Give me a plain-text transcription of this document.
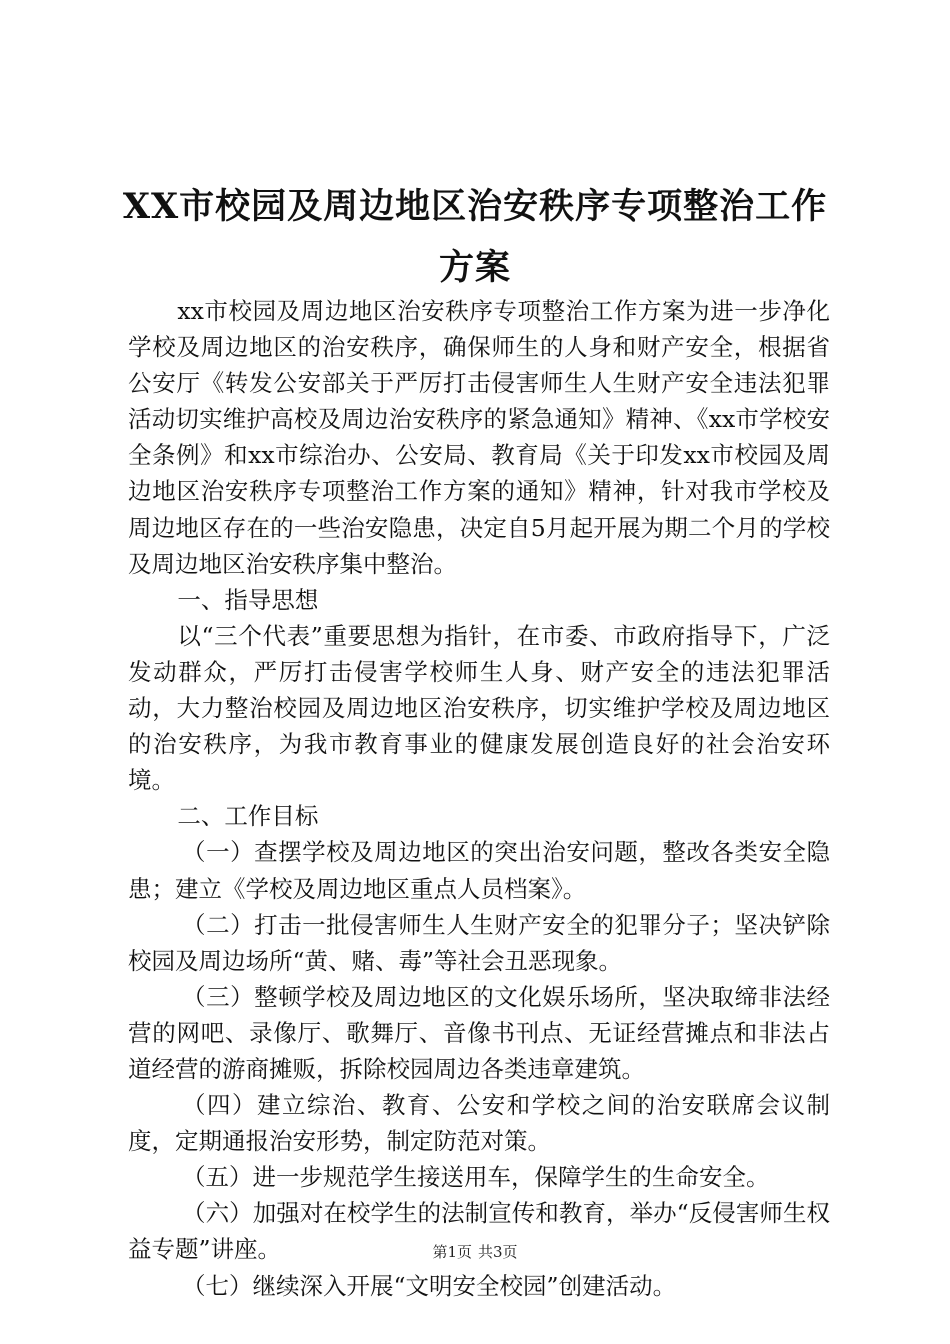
XX市校园及周边地区治安秩序专项整治工作
方案

xx市校园及周边地区治安秩序专项整治工作方案为进一步净化学校及周边地区的治安秩序，确保师生的人身和财产安全，根据省公安厅《转发公安部关于严厉打击侵害师生人生财产安全违法犯罪活动切实维护高校及周边治安秩序的紧急通知》精神、《xx市学校安全条例》和xx市综治办、公安局、教育局《关于印发xx市校园及周边地区治安秩序专项整治工作方案的通知》精神，针对我市学校及周边地区存在的一些治安隐患，决定自5月起开展为期二个月的学校及周边地区治安秩序集中整治。

一、指导思想

以“三个代表”重要思想为指针，在市委、市政府指导下，广泛发动群众，严厉打击侵害学校师生人身、财产安全的违法犯罪活动，大力整治校园及周边地区治安秩序，切实维护学校及周边地区的治安秩序，为我市教育事业的健康发展创造良好的社会治安环境。

二、工作目标

（一）查摆学校及周边地区的突出治安问题，整改各类安全隐患；建立《学校及周边地区重点人员档案》。

（二）打击一批侵害师生人生财产安全的犯罪分子；坚决铲除校园及周边场所“黄、赌、毒”等社会丑恶现象。

（三）整顿学校及周边地区的文化娱乐场所，坚决取缔非法经营的网吧、录像厅、歌舞厅、音像书刊点、无证经营摊点和非法占道经营的游商摊贩，拆除校园周边各类违章建筑。

（四）建立综治、教育、公安和学校之间的治安联席会议制度，定期通报治安形势，制定防范对策。

（五）进一步规范学生接送用车，保障学生的生命安全。

（六）加强对在校学生的法制宣传和教育，举办“反侵害师生权益专题”讲座。

（七）继续深入开展“文明安全校园”创建活动。

第1页 共3页
